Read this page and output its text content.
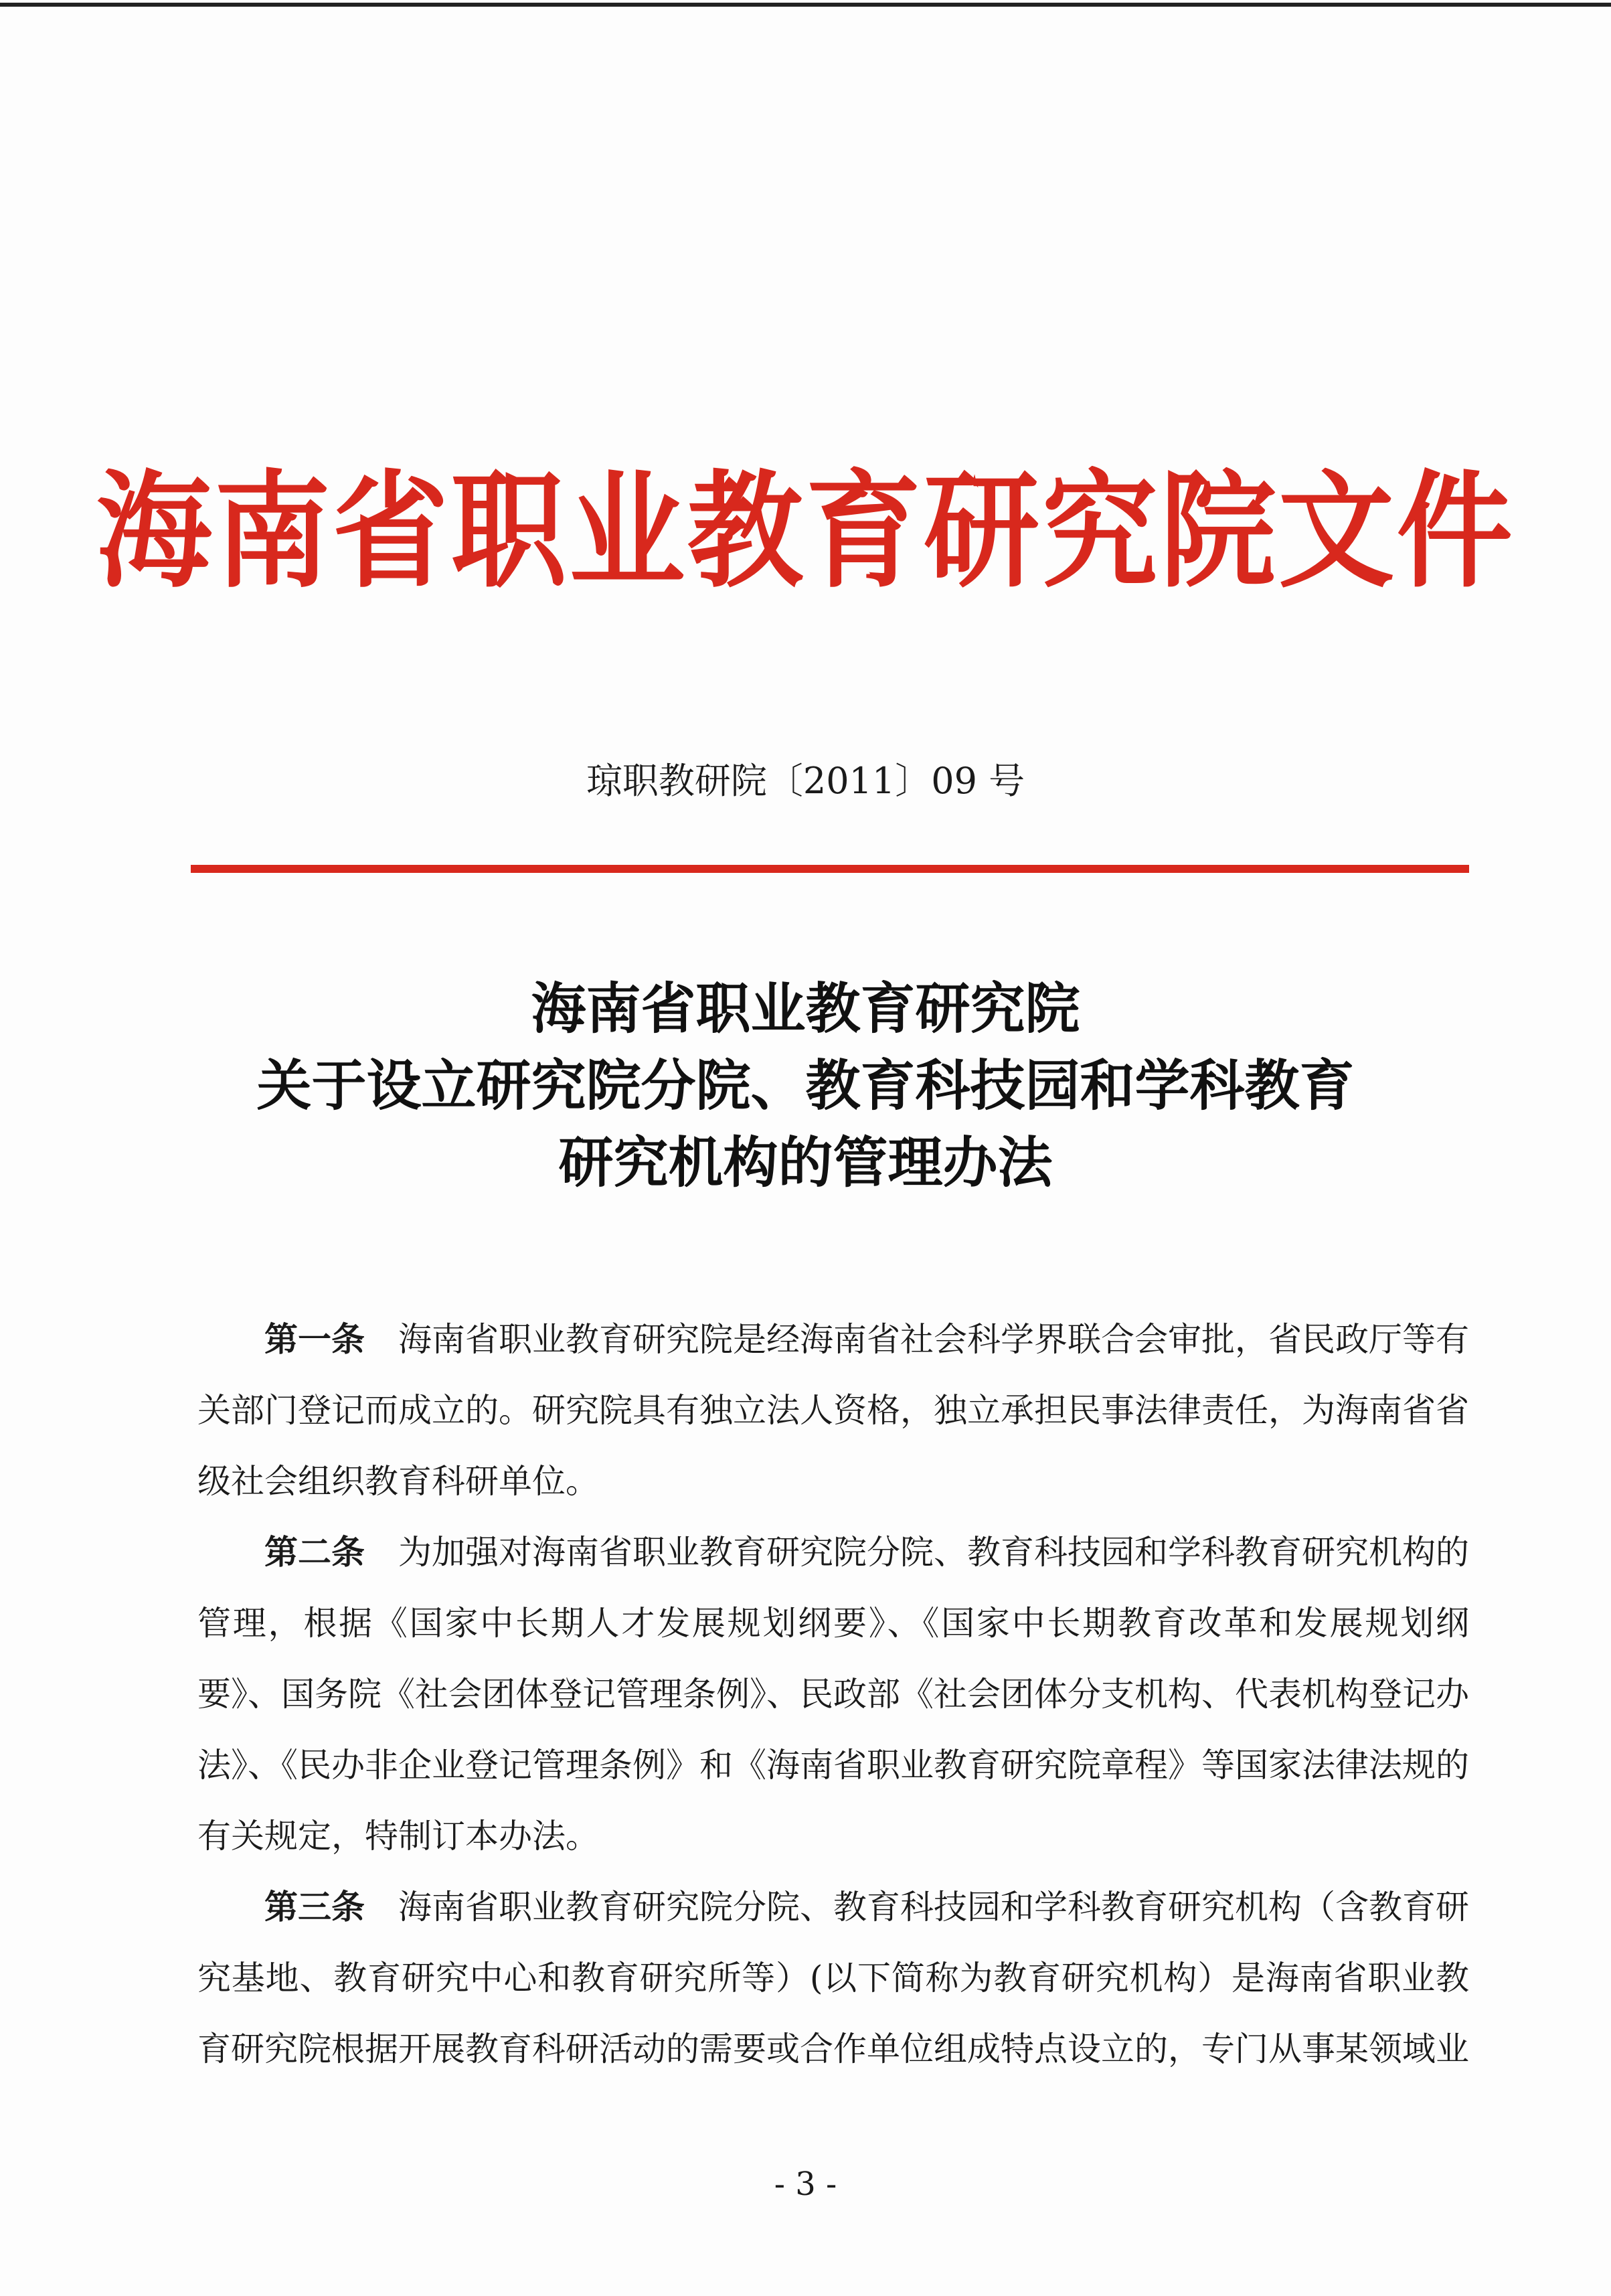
海南省职业教育研究院文件
琼职教研院〔2011〕09 号
海南省职业教育研究院
关于设立研究院分院、教育科技园和学科教育
研究机构的管理办法

第一条 海南省职业教育研究院是经海南省社会科学界联合会审批，省民政厅等有关部门登记而成立的。研究院具有独立法人资格，独立承担民事法律责任，为海南省省级社会组织教育科研单位。

第二条 为加强对海南省职业教育研究院分院、教育科技园和学科教育研究机构的管理，根据《国家中长期人才发展规划纲要》、《国家中长期教育改革和发展规划纲要》、国务院《社会团体登记管理条例》、民政部《社会团体分支机构、代表机构登记办法》、《民办非企业登记管理条例》和《海南省职业教育研究院章程》等国家法律法规的有关规定，特制订本办法。

第三条 海南省职业教育研究院分院、教育科技园和学科教育研究机构（含教育研究基地、教育研究中心和教育研究所等）(以下简称为教育研究机构）是海南省职业教育研究院根据开展教育科研活动的需要或合作单位组成特点设立的，专门从事某领域业

- 3 -
